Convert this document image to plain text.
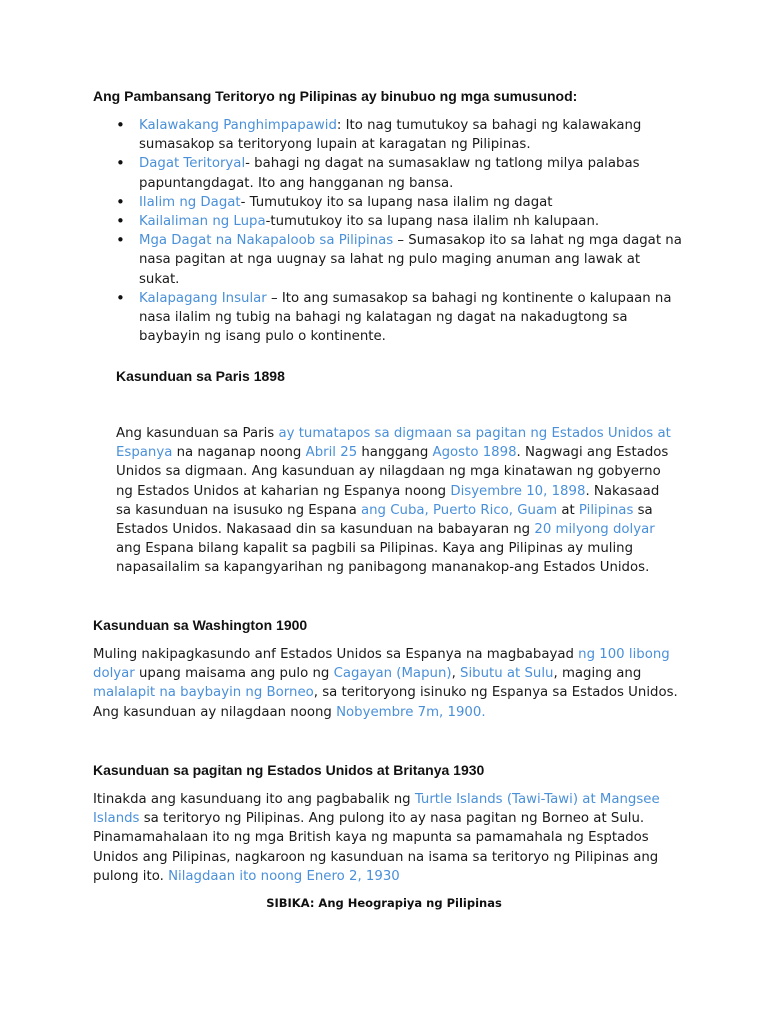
Ang Pambansang Teritoryo ng Pilipinas ay binubuo ng mga sumusunod:
• Kalawakang Panghimpapawid: Ito nag tumutukoy sa bahagi ng kalawakang sumasakop sa teritoryong lupain at karagatan ng Pilipinas.
• Dagat Teritoryal- bahagi ng dagat na sumasaklaw ng tatlong milya palabas papuntangdagat. Ito ang hangganan ng bansa.
• Ilalim ng Dagat- Tumutukoy ito sa lupang nasa ilalim ng dagat
• Kailaliman ng Lupa-tumutukoy ito sa lupang nasa ilalim nh kalupaan.
• Mga Dagat na Nakapaloob sa Pilipinas – Sumasakop ito sa lahat ng mga dagat na nasa pagitan at nga uugnay sa lahat ng pulo maging anuman ang lawak at sukat.
• Kalapagang Insular – Ito ang sumasakop sa bahagi ng kontinente o kalupaan na nasa ilalim ng tubig na bahagi ng kalatagan ng dagat na nakadugtong sa baybayin ng isang pulo o kontinente.
Kasunduan sa Paris 1898

Ang kasunduan sa Paris ay tumatapos sa digmaan sa pagitan ng Estados Unidos at Espanya na naganap noong Abril 25 hanggang Agosto 1898. Nagwagi ang Estados Unidos sa digmaan. Ang kasunduan ay nilagdaan ng mga kinatawan ng gobyerno ng Estados Unidos at kaharian ng Espanya noong Disyembre 10, 1898. Nakasaad sa kasunduan na isusuko ng Espana ang Cuba, Puerto Rico, Guam at Pilipinas sa Estados Unidos. Nakasaad din sa kasunduan na babayaran ng 20 milyong dolyar ang Espana bilang kapalit sa pagbili sa Pilipinas. Kaya ang Pilipinas ay muling napasailalim sa kapangyarihan ng panibagong mananakop-ang Estados Unidos.

Kasunduan sa Washington 1900

Muling nakipagkasundo anf Estados Unidos sa Espanya na magbabayad ng 100 libong dolyar upang maisama ang pulo ng Cagayan (Mapun), Sibutu at Sulu, maging ang malalapit na baybayin ng Borneo, sa teritoryong isinuko ng Espanya sa Estados Unidos. Ang kasunduan ay nilagdaan noong Nobyembre 7m, 1900.

Kasunduan sa pagitan ng Estados Unidos at Britanya 1930

Itinakda ang kasunduang ito ang pagbabalik ng Turtle Islands (Tawi-Tawi) at Mangsee Islands sa teritoryo ng Pilipinas. Ang pulong ito ay nasa pagitan ng Borneo at Sulu. Pinamamahalaan ito ng mga British kaya ng mapunta sa pamamahala ng Esptados Unidos ang Pilipinas, nagkaroon ng kasunduan na isama sa teritoryo ng Pilipinas ang pulong ito. Nilagdaan ito noong Enero 2, 1930

SIBIKA: Ang Heograpiya ng Pilipinas
